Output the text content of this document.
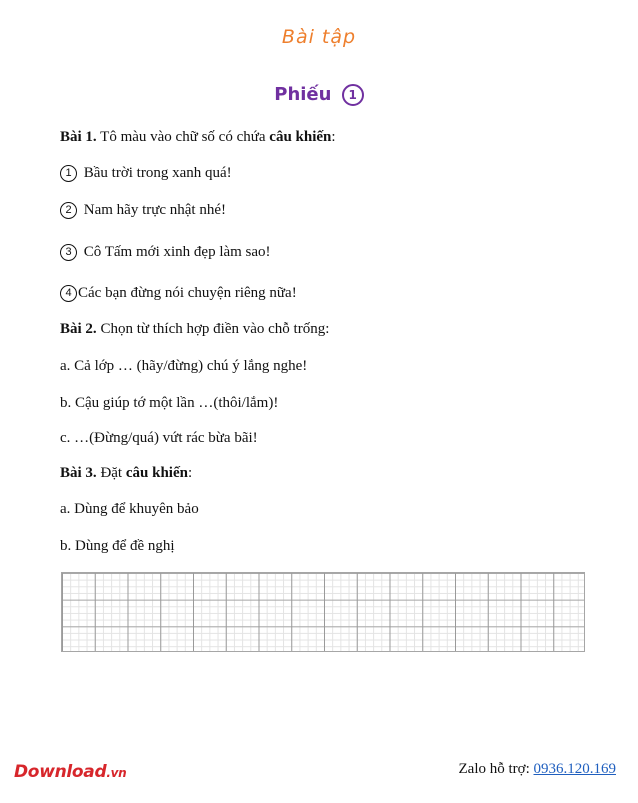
Bài tập
Phiếu 1
Bài 1. Tô màu vào chữ số có chứa câu khiến:
1 Bầu trời trong xanh quá!
2 Nam hãy trực nhật nhé!
3 Cô Tấm mới xinh đẹp làm sao!
4 Các bạn đừng nói chuyện riêng nữa!
Bài 2. Chọn từ thích hợp điền vào chỗ trống:
a. Cả lớp … (hãy/đừng) chú ý lắng nghe!
b. Cậu giúp tớ một lần …(thôi/lắm)!
c. …(Đừng/quá) vứt rác bừa bãi!
Bài 3. Đặt câu khiến:
a. Dùng để khuyên bảo
b. Dùng để đề nghị
Download.vn	Zalo hỗ trợ: 0936.120.169
